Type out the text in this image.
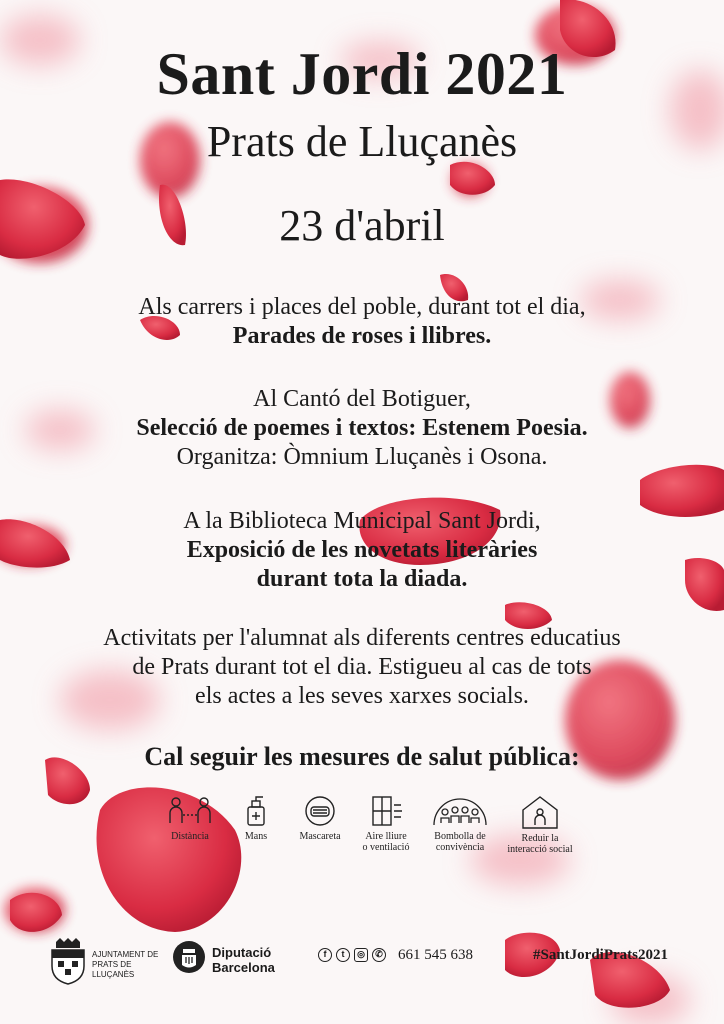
Sant Jordi 2021
Prats de Lluçanès
23 d'abril
Als carrers i places del poble, durant tot el dia,
Parades de roses i llibres.
Al Cantó del Botiguer,
Selecció de poemes i textos: Estenem Poesia.
Organitza: Òmnium Lluçanès i Osona.
A la Biblioteca Municipal Sant Jordi,
Exposició de les novetats literàries
durant tota la diada.
Activitats per l'alumnat als diferents centres educatius
de Prats durant tot el dia. Estigueu al cas de tots
els actes a les seves xarxes socials.
Cal seguir les mesures de salut pública:
Distància	Mans	Mascareta	Aire lliure
o ventilació
Bombolla de
convivència
Reduir la
interacció social
AJUNTAMENT DE
PRATS DE LLUÇANÈS
Diputació
Barcelona
f	t	◎	✆ 661 545 638	#SantJordiPrats2021
